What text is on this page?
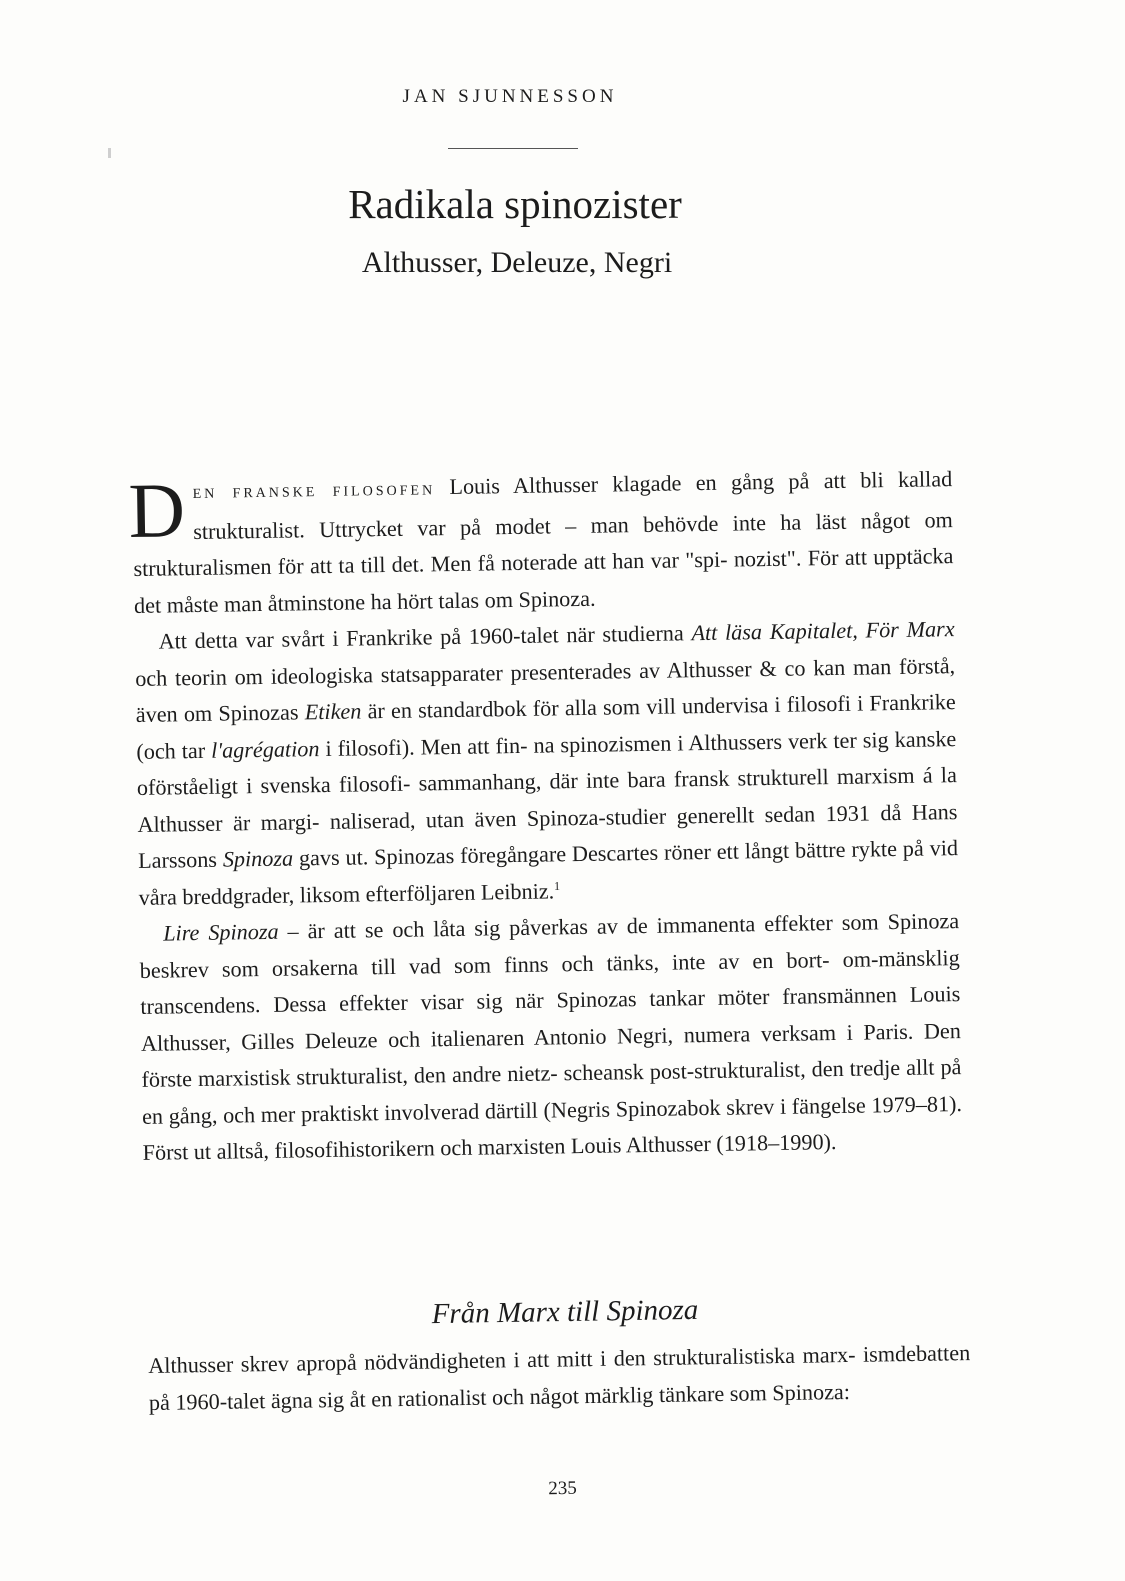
JAN SJUNNESSON
Radikala spinozister
Althusser, Deleuze, Negri

DEN FRANSKE FILOSOFEN Louis Althusser klagade en gång på att bli kallad strukturalist. Uttrycket var på modet – man behövde inte ha läst något om strukturalismen för att ta till det. Men få noterade att han var "spi- nozist". För att upptäcka det måste man åtminstone ha hört talas om Spinoza.

Att detta var svårt i Frankrike på 1960-talet när studierna Att läsa Kapitalet, För Marx och teorin om ideologiska statsapparater presenterades av Althusser & co kan man förstå, även om Spinozas Etiken är en standardbok för alla som vill undervisa i filosofi i Frankrike (och tar l'agrégation i filosofi). Men att fin- na spinozismen i Althussers verk ter sig kanske oförståeligt i svenska filosofi- sammanhang, där inte bara fransk strukturell marxism á la Althusser är margi- naliserad, utan även Spinoza-studier generellt sedan 1931 då Hans Larssons Spinoza gavs ut. Spinozas föregångare Descartes röner ett långt bättre rykte på vid våra breddgrader, liksom efterföljaren Leibniz.$^1$

Lire Spinoza – är att se och låta sig påverkas av de immanenta effekter som Spinoza beskrev som orsakerna till vad som finns och tänks, inte av en bort- om-mänsklig transcendens. Dessa effekter visar sig när Spinozas tankar möter fransmännen Louis Althusser, Gilles Deleuze och italienaren Antonio Negri, numera verksam i Paris. Den förste marxistisk strukturalist, den andre nietz- scheansk post-strukturalist, den tredje allt på en gång, och mer praktiskt involverad därtill (Negris Spinozabok skrev i fängelse 1979–81). Först ut alltså, filosofihistorikern och marxisten Louis Althusser (1918–1990).

Från Marx till Spinoza

Althusser skrev apropå nödvändigheten i att mitt i den strukturalistiska marx- ismdebatten på 1960-talet ägna sig åt en rationalist och något märklig tänkare som Spinoza:

235
